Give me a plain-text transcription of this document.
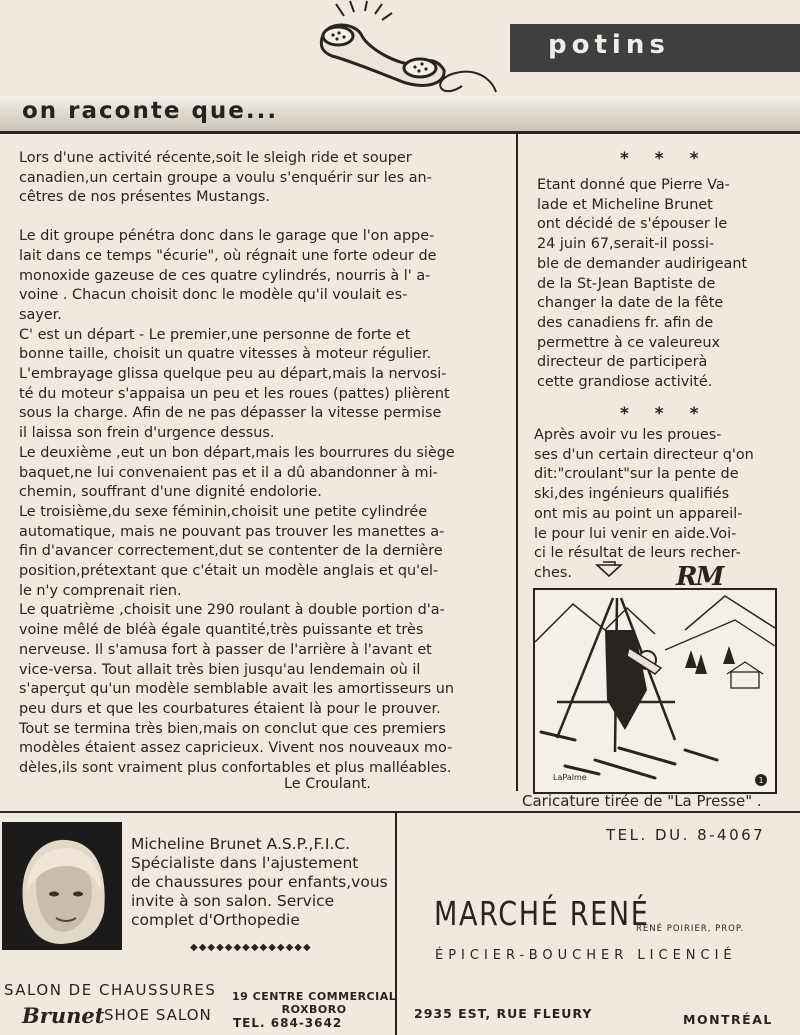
potins
on raconte que...
Lors d'une activité récente,soit le sleigh ride et souper
canadien,un certain groupe a voulu s'enquérir sur les an-
cêtres de nos présentes Mustangs.
Le dit groupe pénétra donc dans le garage que l'on appe-
lait dans ce temps "écurie", où régnait une forte odeur de
monoxide gazeuse de ces quatre cylindrés, nourris à l' a-
voine . Chacun choisit donc le modèle qu'il voulait es-
sayer.
C' est un départ - Le premier,une personne de forte et
bonne taille, choisit un quatre vitesses à moteur régulier.
L'embrayage glissa quelque peu au départ,mais la nervosi-
té du moteur s'appaisa un peu et les roues (pattes) plièrent
sous la charge. Afin de ne pas dépasser la vitesse permise
il laissa son frein d'urgence dessus.
Le deuxième ,eut un bon départ,mais les bourrures du siège
baquet,ne lui convenaient pas et il a dû abandonner à mi-
chemin, souffrant d'une dignité endolorie.
Le troisième,du sexe féminin,choisit une petite cylindrée
automatique, mais ne pouvant pas trouver les manettes a-
fin d'avancer correctement,dut se contenter de la dernière
position,prétextant que c'était un modèle anglais et qu'el-
le n'y comprenait rien.
Le quatrième ,choisit une 290 roulant à double portion d'a-
voine mêlé de bléà égale quantité,très puissante et très
nerveuse. Il s'amusa fort à passer de l'arrière à l'avant et
vice-versa. Tout allait très bien jusqu'au lendemain où il
s'aperçut qu'un modèle semblable avait les amortisseurs un
peu durs et que les courbatures étaient là pour le prouver.
Tout se termina très bien,mais on conclut que ces premiers
modèles étaient assez capricieux. Vivent nos nouveaux mo-
dèles,ils sont vraiment plus confortables et plus malléables.
Le Croulant.
* * *
Etant donné que Pierre Va-
lade et Micheline Brunet
ont décidé de s'épouser le
24 juin 67,serait-il possi-
ble de demander audirigeant
de la St-Jean Baptiste de
changer la date de la fête
des canadiens fr. afin de
permettre à ce valeureux
directeur de participerà
cette grandiose activité.
* * *
Après avoir vu les proues-
ses d'un certain directeur q'on
dit:"croulant"sur la pente de
ski,des ingénieurs qualifiés
ont mis au point un appareil-
le pour lui venir en aide.Voi-
ci le résultat de leurs recher-
ches.	RM
LaPalme	1
Caricature tirée de "La Presse" .
Micheline Brunet A.S.P.,F.I.C.
Spécialiste dans l'ajustement
de chaussures pour enfants,vous
invite à son salon. Service
complet d'Orthopedie
◆◆◆◆◆◆◆◆◆◆◆◆◆◆
SALON DE CHAUSSURES
Brunet SHOE SALON
19 CENTRE COMMERCIAL
ROXBORO
TEL. 684-3642
TEL. DU. 8-4067
MARCHÉ RENÉ
RENÉ POIRIER, PROP.
ÉPICIER-BOUCHER LICENCIÉ
2935 EST, RUE FLEURY	MONTRÉAL
